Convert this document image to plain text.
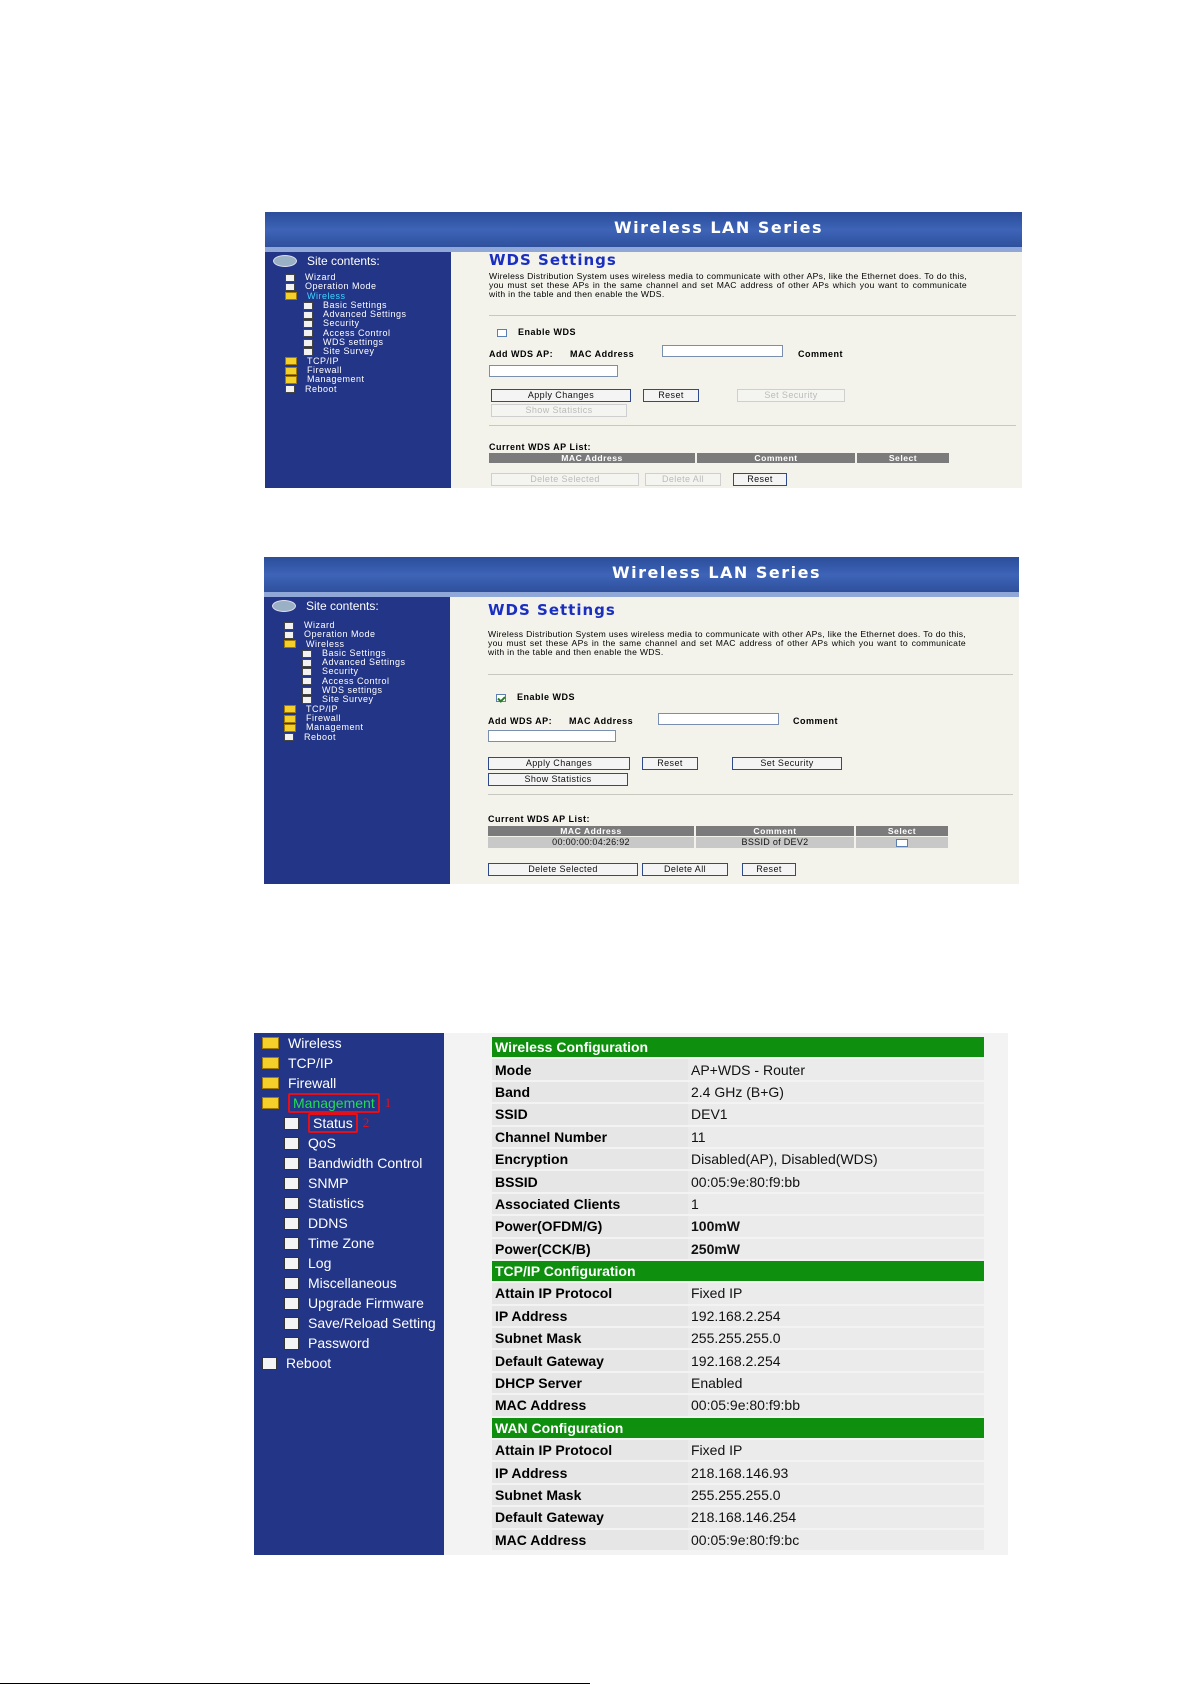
Wireless LAN Series
Site contents:
Wizard
Operation Mode
Wireless
Basic Settings
Advanced Settings
Security
Access Control
WDS settings
Site Survey
TCP/IP
Firewall
Management
Reboot
WDS Settings
Wireless Distribution System uses wireless media to communicate with other APs, like the Ethernet does. To do this, you must set these APs in the same channel and set MAC address of other APs which you want to communicate with in the table and then enable the WDS.
Enable WDS
Add WDS AP: MAC Address	Comment
Apply Changes	Reset	Set Security
Show Statistics
Current WDS AP List:
MAC Address	Comment	Select
Delete Selected	Delete All	Reset
Wireless LAN Series
Site contents:
Wizard
Operation Mode
Wireless
Basic Settings
Advanced Settings
Security
Access Control
WDS settings
Site Survey
TCP/IP
Firewall
Management
Reboot
WDS Settings
Wireless Distribution System uses wireless media to communicate with other APs, like the Ethernet does. To do this, you must set these APs in the same channel and set MAC address of other APs which you want to communicate with in the table and then enable the WDS.
Enable WDS
Add WDS AP: MAC Address	Comment
Apply Changes	Reset	Set Security
Show Statistics
Current WDS AP List:
MAC Address	Comment	Select
00:00:00:04:26:92	BSSID of DEV2
Delete Selected	Delete All	Reset
Wireless
TCP/IP
Firewall
Management 1
Status 2
QoS
Bandwidth Control
SNMP
Statistics
DDNS
Time Zone
Log
Miscellaneous
Upgrade Firmware
Save/Reload Setting
Password
Reboot
Wireless Configuration	
Mode	AP+WDS - Router
Band	2.4 GHz (B+G)
SSID	DEV1
Channel Number	11
Encryption	Disabled(AP), Disabled(WDS)
BSSID	00:05:9e:80:f9:bb
Associated Clients	1
Power(OFDM/G)	100mW
Power(CCK/B)	250mW
TCP/IP Configuration	
Attain IP Protocol	Fixed IP
IP Address	192.168.2.254
Subnet Mask	255.255.255.0
Default Gateway	192.168.2.254
DHCP Server	Enabled
MAC Address	00:05:9e:80:f9:bb
WAN Configuration	
Attain IP Protocol	Fixed IP
IP Address	218.168.146.93
Subnet Mask	255.255.255.0
Default Gateway	218.168.146.254
MAC Address	00:05:9e:80:f9:bc
